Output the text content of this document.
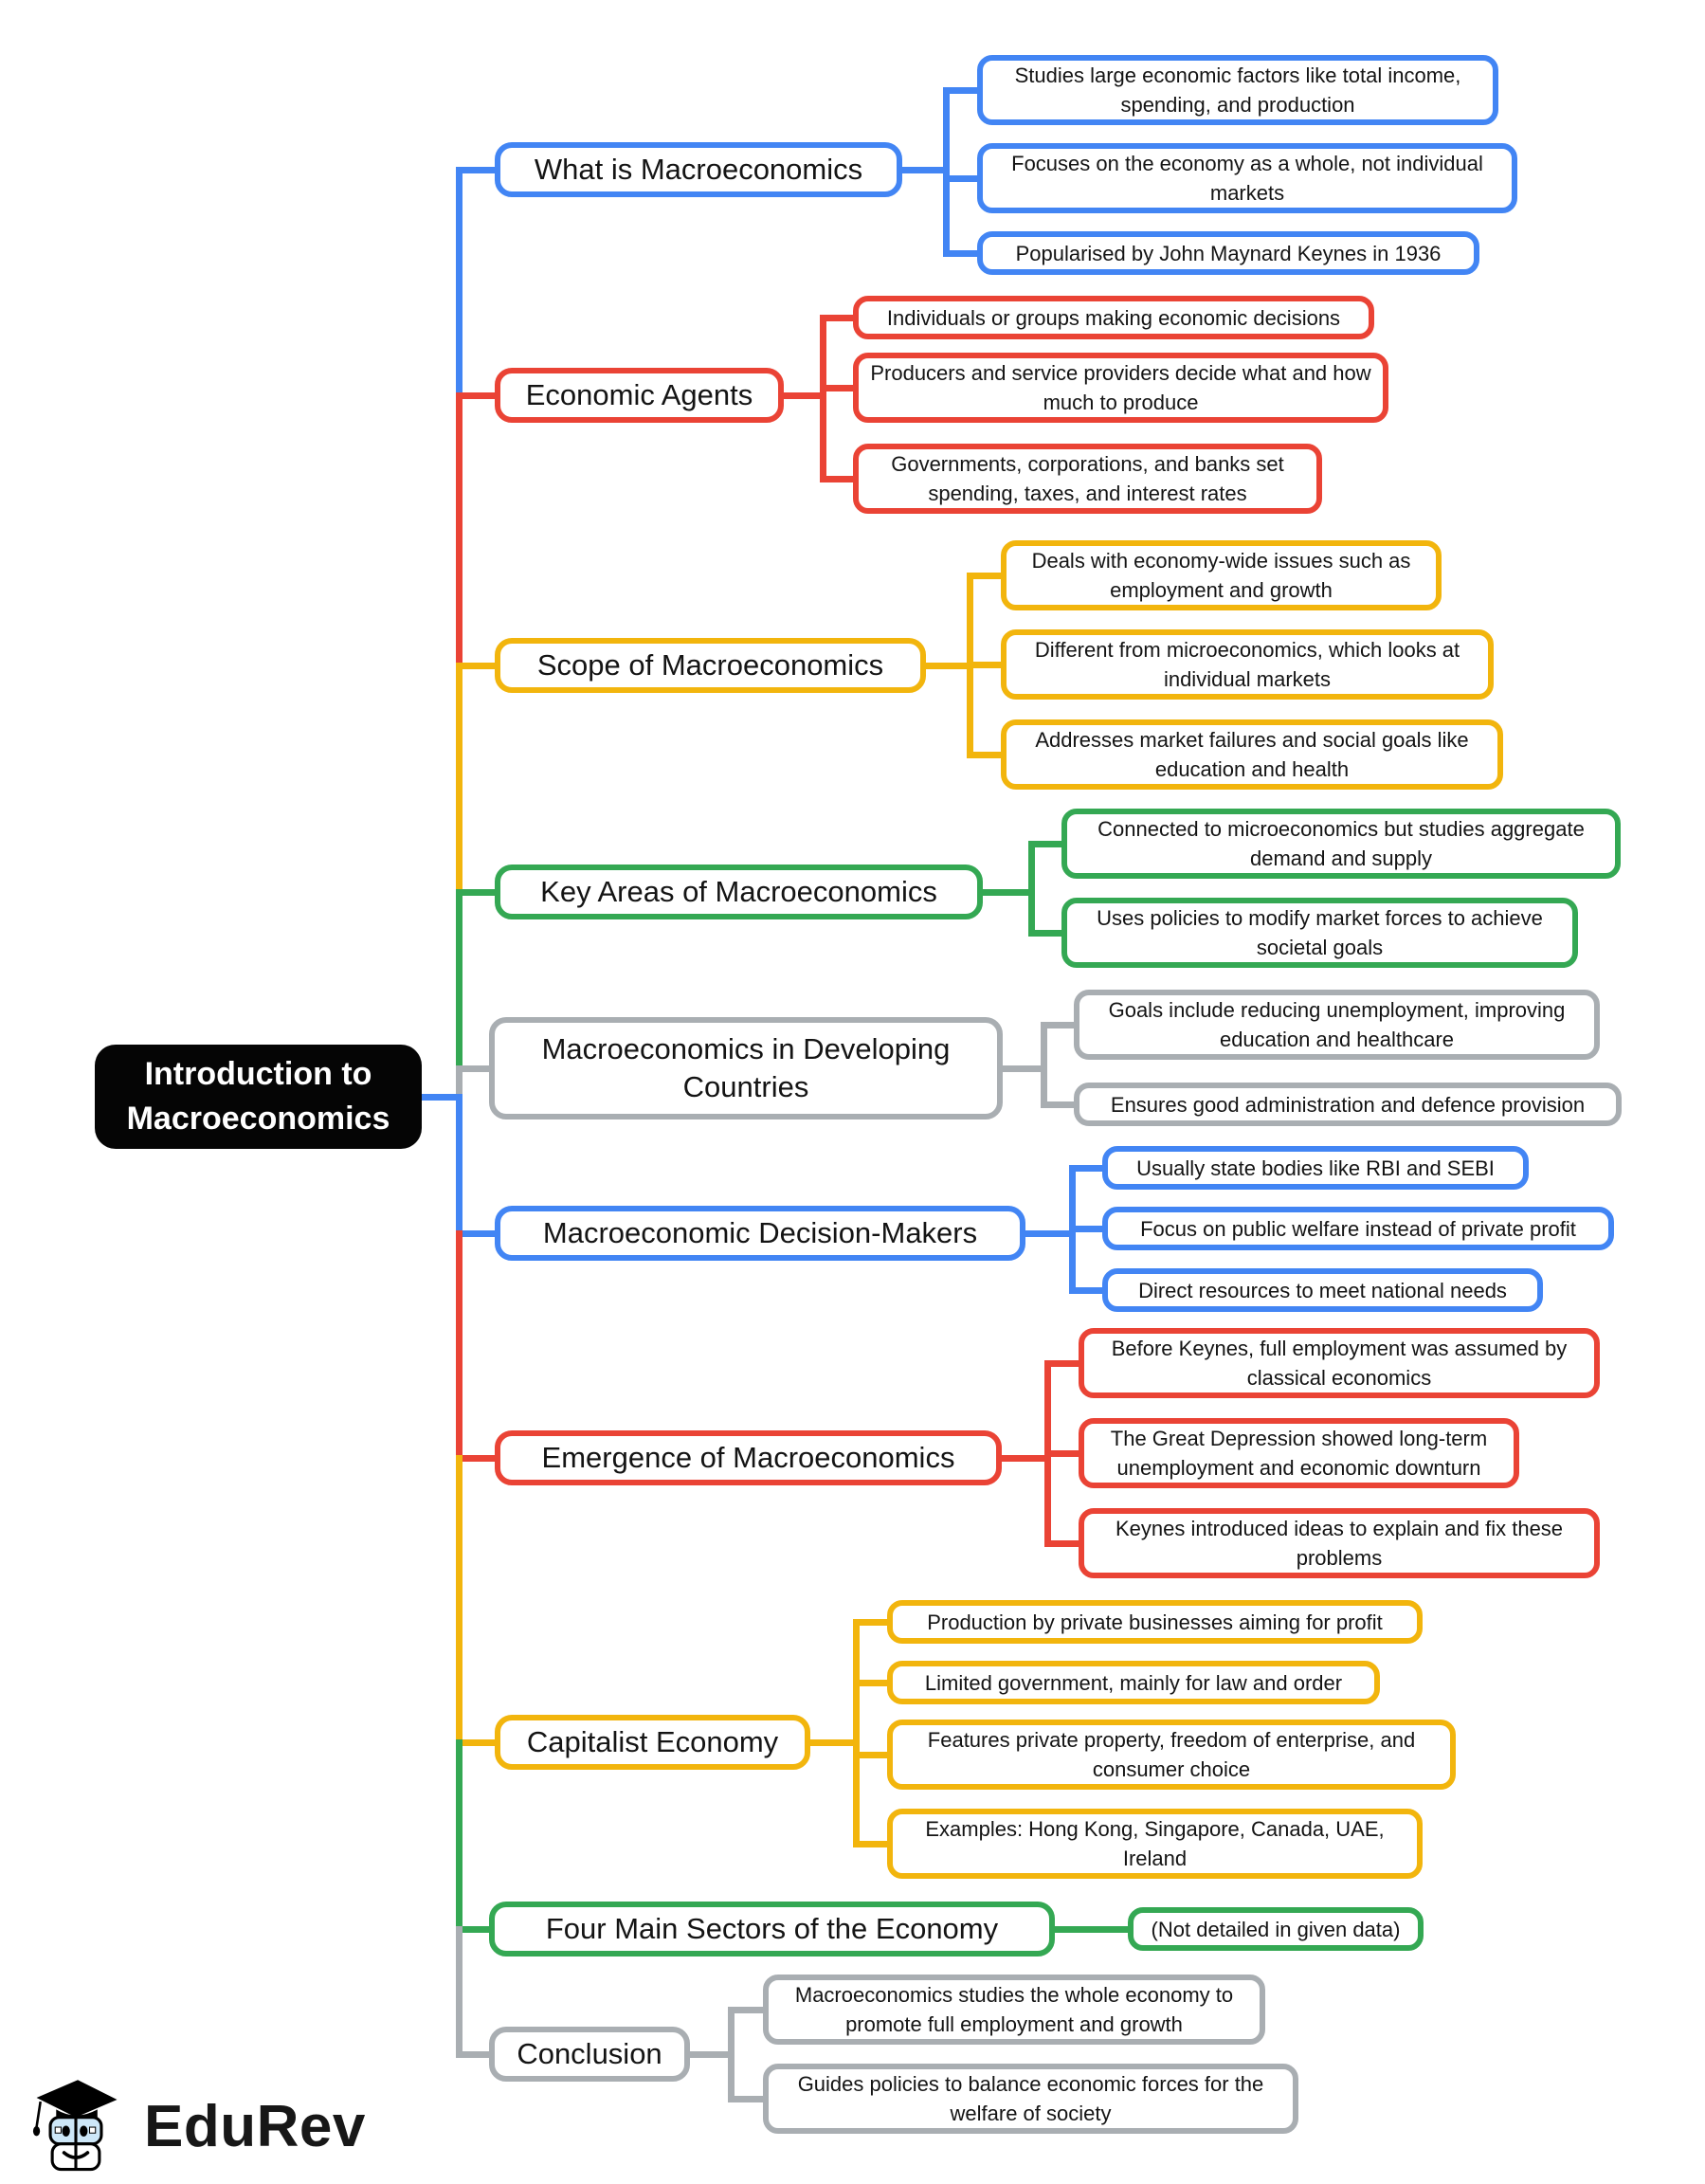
What is Macroeconomics
Studies large economic factors like total income, spending, and production
Focuses on the economy as a whole, not individual markets
Popularised by John Maynard Keynes in 1936
Economic Agents
Individuals or groups making economic decisions
Producers and service providers decide what and how much to produce
Governments, corporations, and banks set spending, taxes, and interest rates
Scope of Macroeconomics
Deals with economy-wide issues such as employment and growth
Different from microeconomics, which looks at individual markets
Addresses market failures and social goals like education and health
Key Areas of Macroeconomics
Connected to microeconomics but studies aggregate demand and supply
Uses policies to modify market forces to achieve societal goals
Macroeconomics in Developing Countries
Goals include reducing unemployment, improving education and healthcare
Ensures good administration and defence provision
Macroeconomic Decision-Makers
Usually state bodies like RBI and SEBI
Focus on public welfare instead of private profit
Direct resources to meet national needs
Emergence of Macroeconomics
Before Keynes, full employment was assumed by classical economics
The Great Depression showed long-term unemployment and economic downturn
Keynes introduced ideas to explain and fix these problems
Capitalist Economy
Production by private businesses aiming for profit
Limited government, mainly for law and order
Features private property, freedom of enterprise, and consumer choice
Examples: Hong Kong, Singapore, Canada, UAE, Ireland
Four Main Sectors of the Economy	(Not detailed in given data)
Conclusion
Macroeconomics studies the whole economy to promote full employment and growth
Guides policies to balance economic forces for the welfare of society
Introduction to Macroeconomics
EduRev
